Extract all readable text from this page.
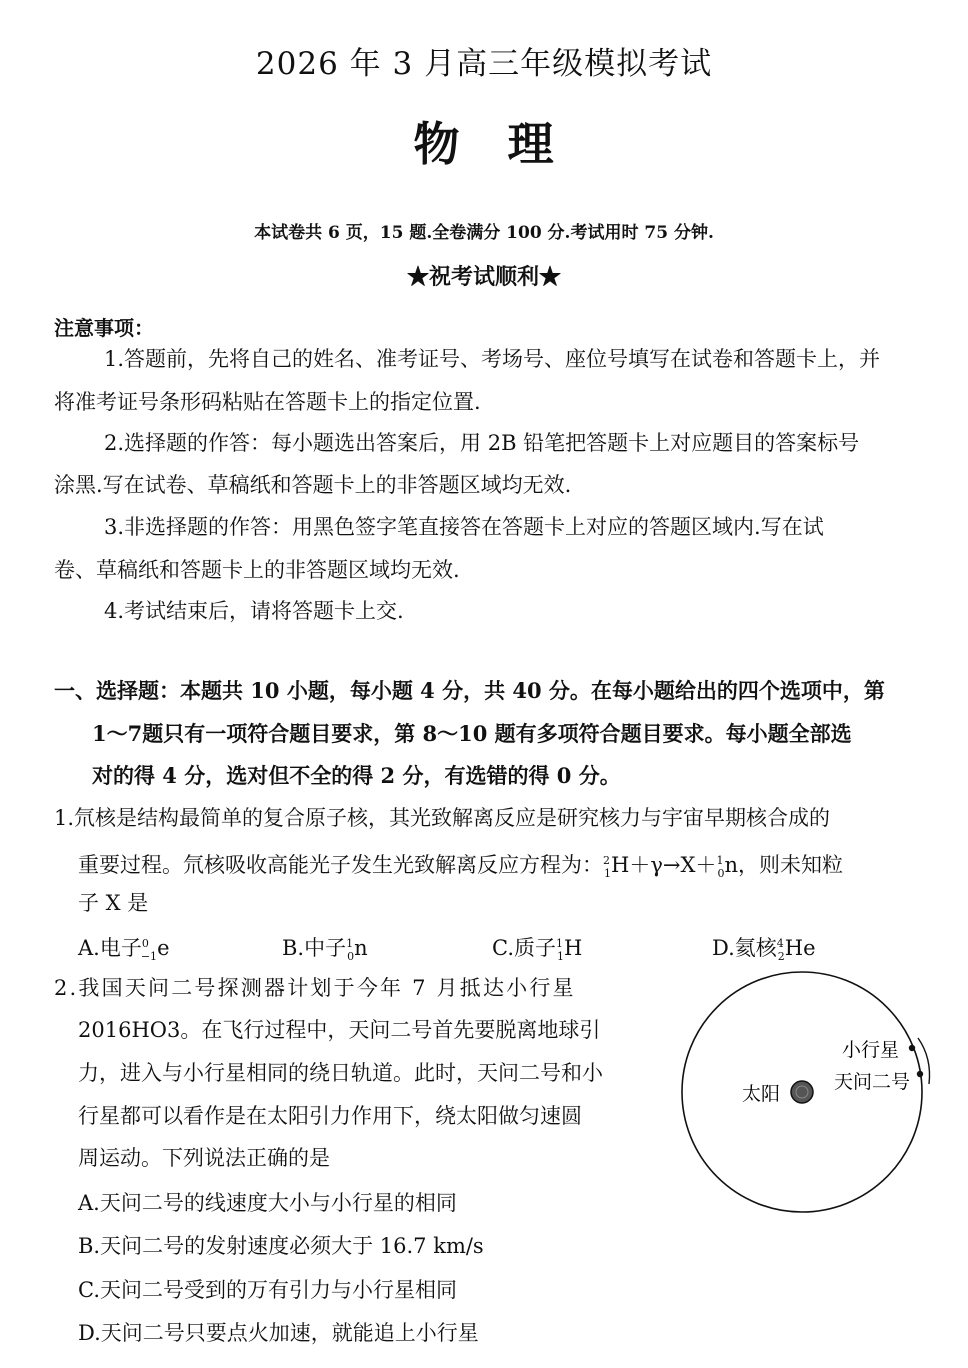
2026 年 3 月高三年级模拟考试
物　理
本试卷共 6 页，15 题.全卷满分 100 分.考试用时 75 分钟.
★祝考试顺利★
注意事项：
1.答题前，先将自己的姓名、准考证号、考场号、座位号填写在试卷和答题卡上，并
将准考证号条形码粘贴在答题卡上的指定位置.
2.选择题的作答：每小题选出答案后，用 2B 铅笔把答题卡上对应题目的答案标号
涂黑.写在试卷、草稿纸和答题卡上的非答题区域均无效.
3.非选择题的作答：用黑色签字笔直接答在答题卡上对应的答题区域内.写在试
卷、草稿纸和答题卡上的非答题区域均无效.
4.考试结束后，请将答题卡上交.
一、选择题：本题共 10 小题，每小题 4 分，共 40 分。在每小题给出的四个选项中，第
1～7题只有一项符合题目要求，第 8～10 题有多项符合题目要求。每小题全部选
对的得 4 分，选对但不全的得 2 分，有选错的得 0 分。
1.氘核是结构最简单的复合原子核，其光致解离反应是研究核力与宇宙早期核合成的
重要过程。氘核吸收高能光子发生光致解离反应方程为：$^2_1$H＋γ→X＋$^1_0$n，则未知粒
子 X 是
A.电子$^0_{-1}$e	B.中子$^1_0$n	C.质子$^1_1$H	D.氦核$^4_2$He
2.我国天问二号探测器计划于今年 7 月抵达小行星
2016HO3。在飞行过程中，天问二号首先要脱离地球引
力，进入与小行星相同的绕日轨道。此时，天问二号和小
行星都可以看作是在太阳引力作用下，绕太阳做匀速圆
周运动。下列说法正确的是
A.天问二号的线速度大小与小行星的相同
B.天问二号的发射速度必须大于 16.7 km/s
C.天问二号受到的万有引力与小行星相同
D.天问二号只要点火加速，就能追上小行星
太阳
小行星
天问二号
